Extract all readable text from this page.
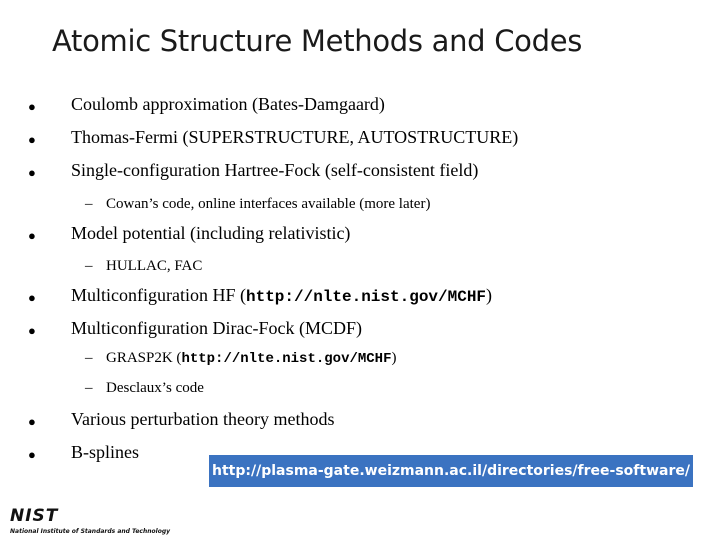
Atomic Structure Methods and Codes
● Coulomb approximation (Bates-Damgaard)
● Thomas-Fermi (SUPERSTRUCTURE, AUTOSTRUCTURE)
● Single-configuration Hartree-Fock (self-consistent field)
– Cowan’s code, online interfaces available (more later)
● Model potential (including relativistic)
– HULLAC, FAC
● Multiconfiguration HF (http://nlte.nist.gov/MCHF)
● Multiconfiguration Dirac-Fock (MCDF)
– GRASP2K (http://nlte.nist.gov/MCHF)
– Desclaux’s code
● Various perturbation theory methods
● B-splines
http://plasma-gate.weizmann.ac.il/directories/free-software/
NIST
National Institute of Standards and Technology
